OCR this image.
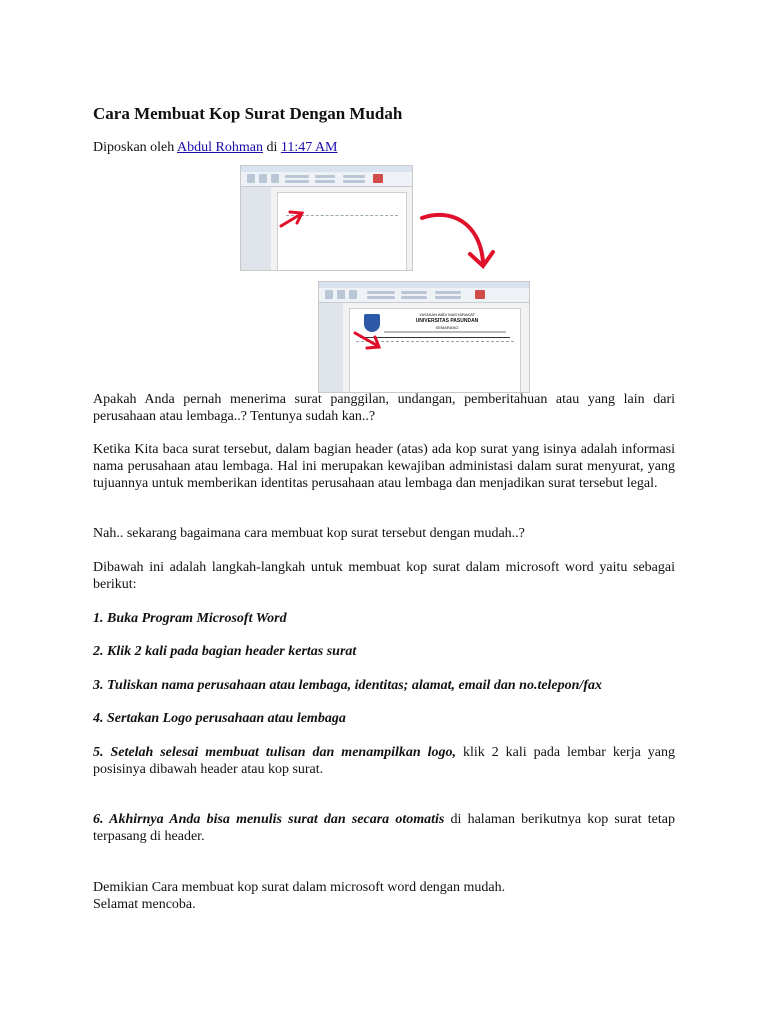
Cara Membuat Kop Surat Dengan Mudah
Diposkan oleh Abdul Rohman di 11:47 AM
YAYASAN ABDI MASYARAKAT
UNIVERSITAS PASUNDAN
SEMARANG
Apakah Anda pernah menerima surat panggilan, undangan, pemberitahuan atau yang lain dari perusahaan atau lembaga..? Tentunya sudah kan..?
Ketika Kita baca surat tersebut, dalam bagian header (atas) ada kop surat yang isinya adalah informasi nama perusahaan atau lembaga. Hal ini merupakan kewajiban administasi dalam surat menyurat, yang tujuannya untuk memberikan identitas perusahaan atau lembaga dan menjadikan surat tersebut legal.
Nah.. sekarang bagaimana cara membuat kop surat tersebut dengan mudah..?
Dibawah ini adalah langkah-langkah untuk membuat kop surat dalam microsoft word yaitu sebagai berikut:
1. Buka Program Microsoft Word
2. Klik 2 kali pada bagian header kertas surat
3. Tuliskan nama perusahaan atau lembaga, identitas; alamat, email dan no.telepon/fax
4. Sertakan Logo perusahaan atau lembaga
5. Setelah selesai membuat tulisan dan menampilkan logo, klik 2 kali pada lembar kerja yang posisinya dibawah header atau kop surat.
6. Akhirnya Anda bisa menulis surat dan secara otomatis di halaman berikutnya kop surat tetap terpasang di header.
Demikian Cara membuat kop surat dalam microsoft word dengan mudah.
Selamat mencoba.
